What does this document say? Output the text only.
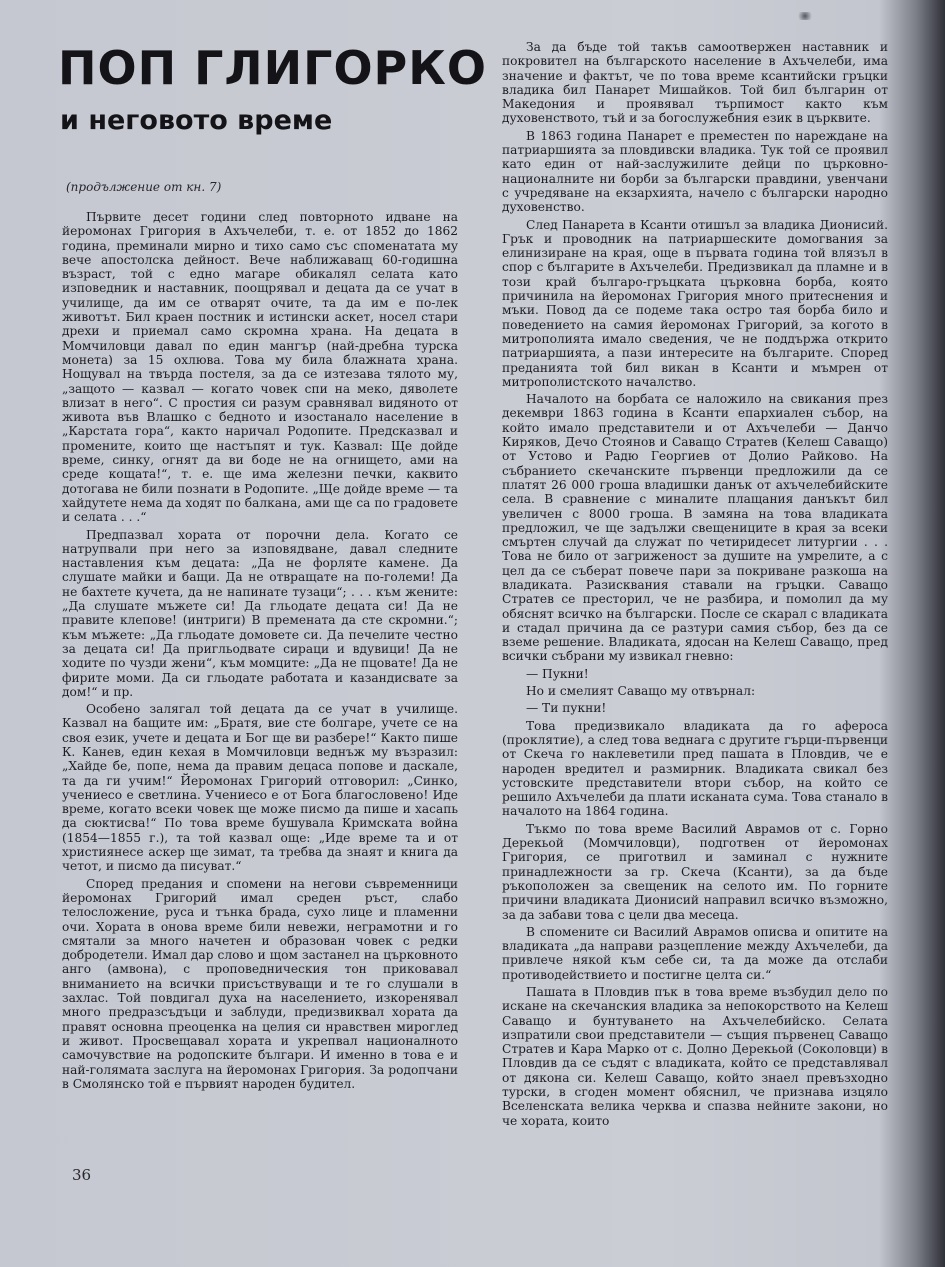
ПОП ГЛИГОРКО
и неговото време
(продължение от кн. 7)

Първите десет години след повторното идване на йеромонах Григория в Ахъчелеби, т. е. от 1852 до 1862 година, преминали мирно и тихо само със споменатата му вече апостолска дейност. Вече наближаващ 60-годишна възраст, той с едно магаре обикалял селата като изповедник и наставник, поощрявал и децата да се учат в училище, да им се отварят очите, та да им е по-лек животът. Бил краен постник и истински аскет, носел стари дрехи и приемал само скромна храна. На децата в Момчиловци давал по един мангър (най-дребна турска монета) за 15 охлюва. Това му била блажната храна. Нощувал на твърда постеля, за да се изтезава тялото му, „защото — казвал — когато човек спи на меко, дяволете влизат в него“. С простия си разум сравнявал видяното от живота във Влашко с бедното и изостанало население в „Карстата гора“, както наричал Родопите. Предсказвал и промените, които ще настъпят и тук. Казвал: Ще дойде време, синку, огнят да ви боде не на огнището, ами на среде кощата!“, т. е. ще има железни печки, каквито дотогава не били познати в Родопите. „Ще дойде време — та хайдутете нема да ходят по балкана, ами ще са по градовете и селата . . .“

Предпазвал хората от порочни дела. Когато се натрупвали при него за изповядване, давал следните наставления към децата: „Да не форляте камене. Да слушате майки и бащи. Да не отвращате на по-големи! Да не бахтете кучета, да не напинате тузаци“; . . . към жените: „Да слушате мъжете си! Да гльодате децата си! Да не правите клепове! (интриги) В премената да сте скромни.“; към мъжете: „Да гльодате домовете си. Да печелите честно за децата си! Да пригльодвате сираци и вдувици! Да не ходите по чузди жени“, към момците: „Да не пцовате! Да не фирите моми. Да си гльодате работата и казандисвате за дом!“ и пр.

Особено залягал той децата да се учат в училище. Казвал на бащите им: „Братя, вие сте болгаре, учете се на своя език, учете и децата и Бог ще ви разбере!“ Както пише К. Канев, един кехая в Момчиловци веднъж му възразил: „Хайде бе, попе, нема да правим децаса попове и даскале, та да ги учим!“ Йеромонах Григорий отговорил: „Синко, учениесо е светлина. Учениесо е от Бога благословено! Иде време, когато всеки човек ще може писмо да пише и хасапь да сюктисва!“ По това време бушувала Кримската война (1854—1855 г.), та той казвал още: „Иде време та и от християнесе аскер ще зимат, та требва да знаят и книга да четот, и писмо да писуват.“

Според предания и спомени на негови съвременници йеромонах Григорий имал среден ръст, слабо телосложение, руса и тънка брада, сухо лице и пламенни очи. Хората в онова време били невежи, неграмотни и го смятали за много начетен и образован човек с редки добродетели. Имал дар слово и щом застанел на църковното анго (амвона), с проповедническия тон приковавал вниманието на всички присъствуващи и те го слушали в захлас. Той повдигал духа на населението, изкоренявал много предразсъдъци и заблуди, предизвиквал хората да правят основна преоценка на целия си нравствен мироглед и живот. Просвещавал хората и укрепвал националното самочувствие на родопските българи. И именно в това е и най-голямата заслуга на йеромонах Григория. За родопчани в Смолянско той е първият народен будител.

За да бъде той такъв самоотвержен наставник и покровител на българското население в Ахъчелеби, има значение и фактът, че по това време ксантийски гръцки владика бил Панарет Мишайков. Той бил българин от Македония и проявявал търпимост както към духовенството, тъй и за богослужебния език в църквите.

В 1863 година Панарет е преместен по нареждане на патриаршията за пловдивски владика. Тук той се проявил като един от най-заслужилите дейци по църковно-националните ни борби за български правдини, увенчани с учредяване на екзархията, начело с български народно духовенство.

След Панарета в Ксанти отишъл за владика Дионисий. Грък и проводник на патриаршеските домогвания за елинизиране на края, още в първата година той влязъл в спор с българите в Ахъчелеби. Предизвикал да пламне и в този край българо-гръцката църковна борба, която причинила на йеромонах Григория много притеснения и мъки. Повод да се подеме така остро тая борба било и поведението на самия йеромонах Григорий, за когото в митрополията имало сведения, че не поддържа открито патриаршията, а пази интересите на българите. Според преданията той бил викан в Ксанти и мъмрен от митрополистското началство.

Началото на борбата се наложило на свикания през декември 1863 година в Ксанти епархиален събор, на който имало представители и от Ахъчелеби — Данчо Киряков, Дечо Стоянов и Саващо Стратев (Келеш Саващо) от Устово и Радю Георгиев от Долио Райково. На събранието скечанските първенци предложили да се платят 26 000 гроша владишки данък от ахъчелебийските села. В сравнение с миналите плащания данъкът бил увеличен с 8000 гроша. В замяна на това владиката предложил, че ще задължи свещениците в края за всеки смъртен случай да служат по четиридесет литургии . . . Това не било от загриженост за душите на умрелите, а с цел да се съберат повече пари за покриване разкоша на владиката. Разисквания ставали на гръцки. Саващо Стратев се престорил, че не разбира, и помолил да му обяснят всичко на български. После се скарал с владиката и стадал причина да се разтури самия събор, без да се вземе решение. Владиката, ядосан на Келеш Саващо, пред всички събрани му извикал гневно:

— Пукни!

Но и смелият Саващо му отвърнал:

— Ти пукни!

Това предизвикало владиката да го афероса (проклятие), а след това веднага с другите гърци-първенци от Скеча го наклеветили пред пашата в Пловдив, че е народен вредител и размирник. Владиката свикал без устовските представители втори събор, на който се решило Ахъчелеби да плати исканата сума. Това станало в началото на 1864 година.

Тъкмо по това време Василий Аврамов от с. Горно Дерекьой (Момчиловци), подготвен от йеромонах Григория, се приготвил и заминал с нужните принадлежности за гр. Скеча (Ксанти), за да бъде ръкоположен за свещеник на селото им. По горните причини владиката Дионисий направил всичко възможно, за да забави това с цели два месеца.

В спомените си Василий Аврамов описва и опитите на владиката „да направи разцепление между Ахъчелеби, да привлече някой към себе си, та да може да отслаби противодействието и постигне целта си.“

Пашата в Пловдив пък в това време възбудил дело по искане на скечанския владика за непокорството на Келеш Саващо и бунтуването на Ахъчелебийско. Селата изпратили свои представители — същия първенец Саващо Стратев и Кара Марко от с. Долно Дерекьой (Соколовци) в Пловдив да се съдят с владиката, който се представлявал от дякона си. Келеш Саващо, който знаел превъзходно турски, в сгоден момент обяснил, че признава изцяло Вселенската велика черква и спазва нейните закони, но че хората, които

36
